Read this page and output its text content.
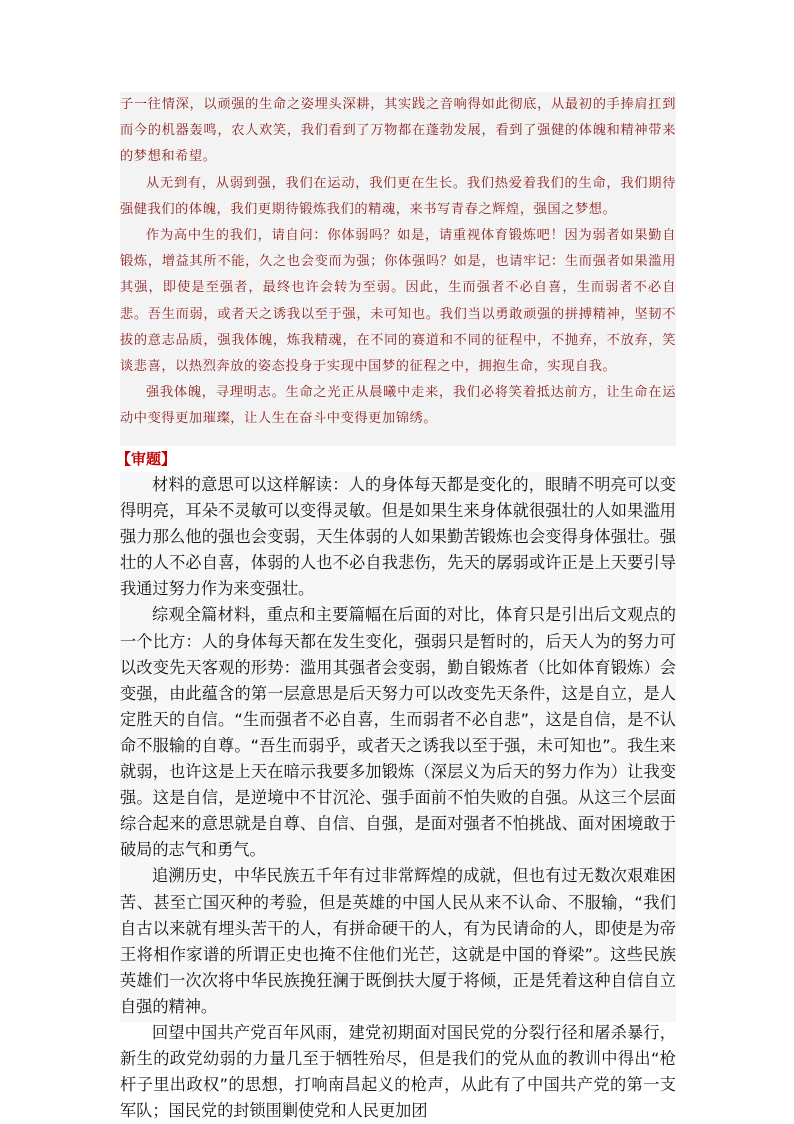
子一往情深，以顽强的生命之姿埋头深耕，其实践之音响得如此彻底，从最初的手捧肩扛到而今的机器轰鸣，农人欢笑，我们看到了万物都在蓬勃发展，看到了强健的体魄和精神带来的梦想和希望。

从无到有，从弱到强，我们在运动，我们更在生长。我们热爱着我们的生命，我们期待强健我们的体魄，我们更期待锻炼我们的精魂，来书写青春之辉煌，强国之梦想。

作为高中生的我们，请自问：你体弱吗？如是，请重视体育锻炼吧！因为弱者如果勤自锻炼，增益其所不能，久之也会变而为强；你体强吗？如是，也请牢记：生而强者如果滥用其强，即使是至强者，最终也许会转为至弱。因此，生而强者不必自喜，生而弱者不必自悲。吾生而弱，或者天之诱我以至于强，未可知也。我们当以勇敢顽强的拼搏精神，坚韧不拔的意志品质，强我体魄，炼我精魂，在不同的赛道和不同的征程中，不抛弃，不放弃，笑谈悲喜，以热烈奔放的姿态投身于实现中国梦的征程之中，拥抱生命，实现自我。

强我体魄，寻理明志。生命之光正从晨曦中走来，我们必将笑着抵达前方，让生命在运动中变得更加璀璨，让人生在奋斗中变得更加锦绣。

【审题】

材料的意思可以这样解读：人的身体每天都是变化的，眼睛不明亮可以变得明亮，耳朵不灵敏可以变得灵敏。但是如果生来身体就很强壮的人如果滥用强力那么他的强也会变弱，天生体弱的人如果勤苦锻炼也会变得身体强壮。强壮的人不必自喜，体弱的人也不必自我悲伤，先天的孱弱或许正是上天要引导我通过努力作为来变强壮。

综观全篇材料，重点和主要篇幅在后面的对比，体育只是引出后文观点的一个比方：人的身体每天都在发生变化，强弱只是暂时的，后天人为的努力可以改变先天客观的形势：滥用其强者会变弱，勤自锻炼者（比如体育锻炼）会变强，由此蕴含的第一层意思是后天努力可以改变先天条件，这是自立，是人定胜天的自信。“生而强者不必自喜，生而弱者不必自悲”，这是自信，是不认命不服输的自尊。“吾生而弱乎，或者天之诱我以至于强，未可知也”。我生来就弱，也许这是上天在暗示我要多加锻炼（深层义为后天的努力作为）让我变强。这是自信，是逆境中不甘沉沦、强手面前不怕失败的自强。从这三个层面综合起来的意思就是自尊、自信、自强，是面对强者不怕挑战、面对困境敢于破局的志气和勇气。

追溯历史，中华民族五千年有过非常辉煌的成就，但也有过无数次艰难困苦、甚至亡国灭种的考验，但是英雄的中国人民从来不认命、不服输，“我们自古以来就有埋头苦干的人，有拼命硬干的人，有为民请命的人，即使是为帝王将相作家谱的所谓正史也掩不住他们光芒，这就是中国的脊梁”。这些民族英雄们一次次将中华民族挽狂澜于既倒扶大厦于将倾，正是凭着这种自信自立自强的精神。

回望中国共产党百年风雨，建党初期面对国民党的分裂行径和屠杀暴行，新生的政党幼弱的力量几至于牺牲殆尽，但是我们的党从血的教训中得出“枪杆子里出政权”的思想，打响南昌起义的枪声，从此有了中国共产党的第一支军队；国民党的封锁围剿使党和人民更加团
